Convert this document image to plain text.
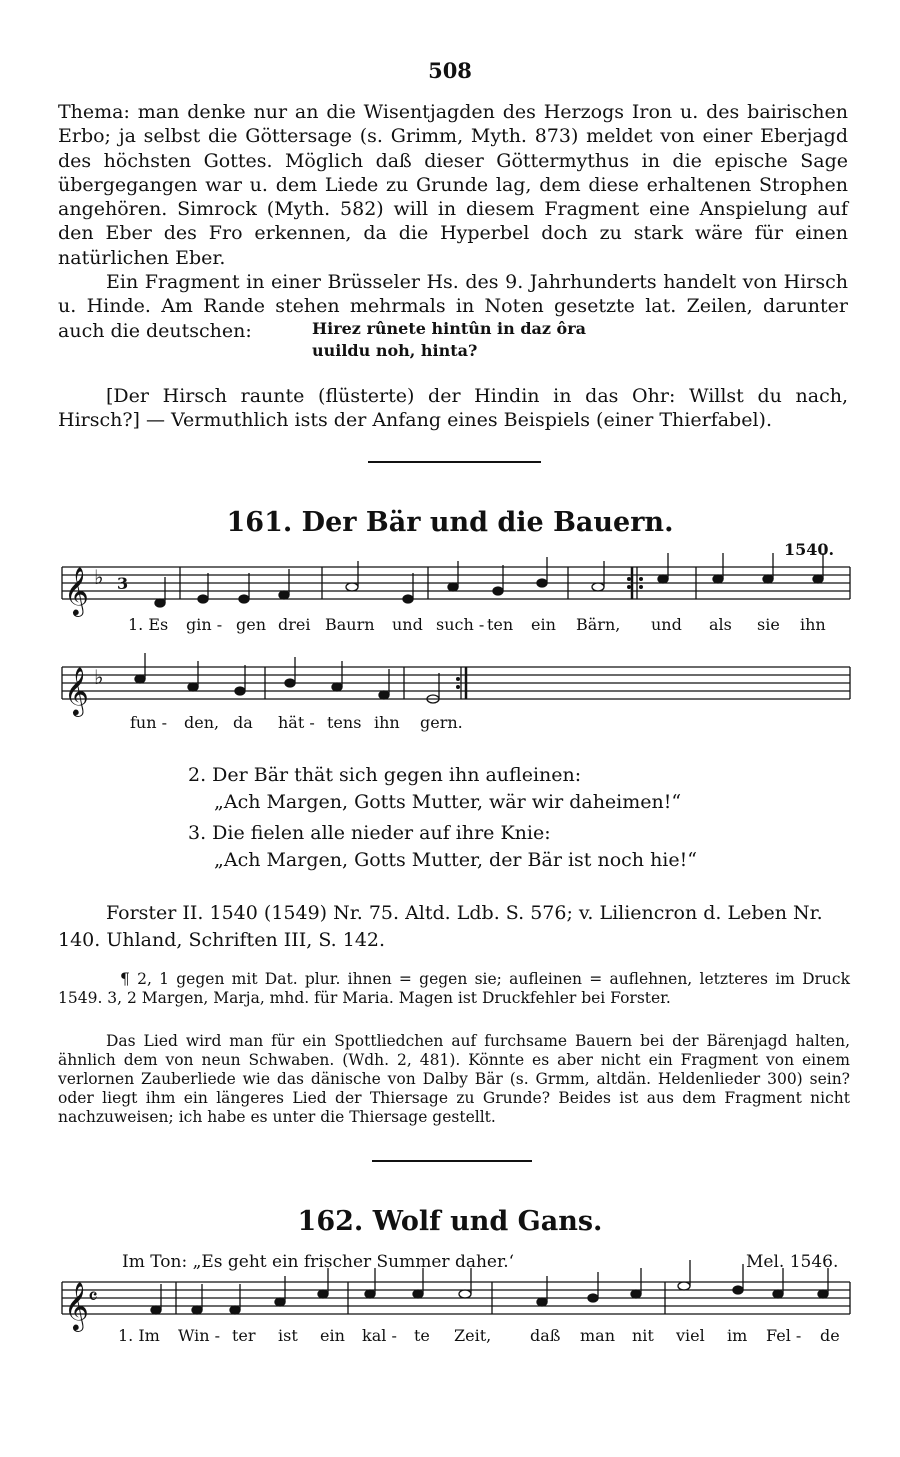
508

Thema: man denke nur an die Wisentjagden des Herzogs Iron u. des bairischen Erbo; ja selbst die Göttersage (s. Grimm, Myth. 873) meldet von einer Eberjagd des höchsten Gottes. Möglich daß dieser Göttermythus in die epische Sage übergegangen war u. dem Liede zu Grunde lag, dem diese erhaltenen Strophen angehören. Simrock (Myth. 582) will in diesem Fragment eine Anspielung auf den Eber des Fro erkennen, da die Hyperbel doch zu stark wäre für einen natürlichen Eber.

Ein Fragment in einer Brüsseler Hs. des 9. Jahrhunderts handelt von Hirsch u. Hinde. Am Rande stehen mehrmals in Noten gesetzte lat. Zeilen, darunter auch die deutschen:	Hirez rûnete hintûn in daz ôra
uuildu noh, hinta?
[Der Hirsch raunte (flüsterte) der Hindin in das Ohr: Willst du nach, Hirsch?] — Vermuthlich ists der Anfang eines Beispiels (einer Thierfabel).
161. Der Bär und die Bauern.
1540.
𝄞 ♭
𝄞 ♭
𝄞 𝄴
3
1. Es gin - gen drei Baurn und such - ten ein Bärn, und als sie ihn
fun - den, da hät - tens ihn gern.
2. Der Bär thät sich gegen ihn aufleinen:
„Ach Margen, Gotts Mutter, wär wir daheimen!“
3. Die fielen alle nieder auf ihre Knie:
„Ach Margen, Gotts Mutter, der Bär ist noch hie!“
Forster II. 1540 (1549) Nr. 75. Altd. Ldb. S. 576; v. Liliencron d. Leben Nr. 140. Uhland, Schriften III, S. 142.
¶ 2, 1 gegen mit Dat. plur. ihnen = gegen sie; aufleinen = auflehnen, letzteres im Druck 1549. 3, 2 Margen, Marja, mhd. für Maria. Magen ist Druckfehler bei Forster.
Das Lied wird man für ein Spottliedchen auf furchsame Bauern bei der Bärenjagd halten, ähnlich dem von neun Schwaben. (Wdh. 2, 481). Könnte es aber nicht ein Fragment von einem verlornen Zauberliede wie das dänische von Dalby Bär (s. Grmm, altdän. Heldenlieder 300) sein? oder liegt ihm ein längeres Lied der Thiersage zu Grunde? Beides ist aus dem Fragment nicht nachzuweisen; ich habe es unter die Thiersage gestellt.
162. Wolf und Gans.
Im Ton: „Es geht ein frischer Summer daher.‘	Mel. 1546.
1. Im Win - ter ist ein kal - te Zeit, daß man nit viel im Fel - de
